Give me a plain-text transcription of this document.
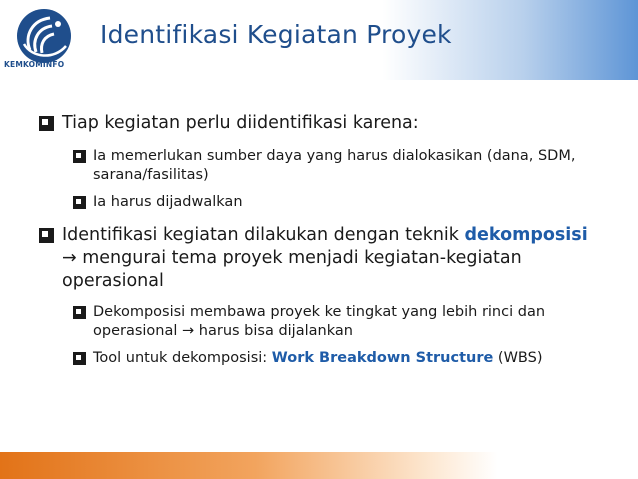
KEMKOMINFO
Identifikasi Kegiatan Proyek
Tiap kegiatan perlu diidentifikasi karena:
Ia memerlukan sumber daya yang harus dialokasikan (dana, SDM, sarana/fasilitas)
Ia harus dijadwalkan
Identifikasi kegiatan dilakukan dengan teknik dekomposisi → mengurai tema proyek menjadi kegiatan-kegiatan operasional
Dekomposisi membawa proyek ke tingkat yang lebih rinci dan operasional → harus bisa dijalankan
Tool untuk dekomposisi: Work Breakdown Structure (WBS)
